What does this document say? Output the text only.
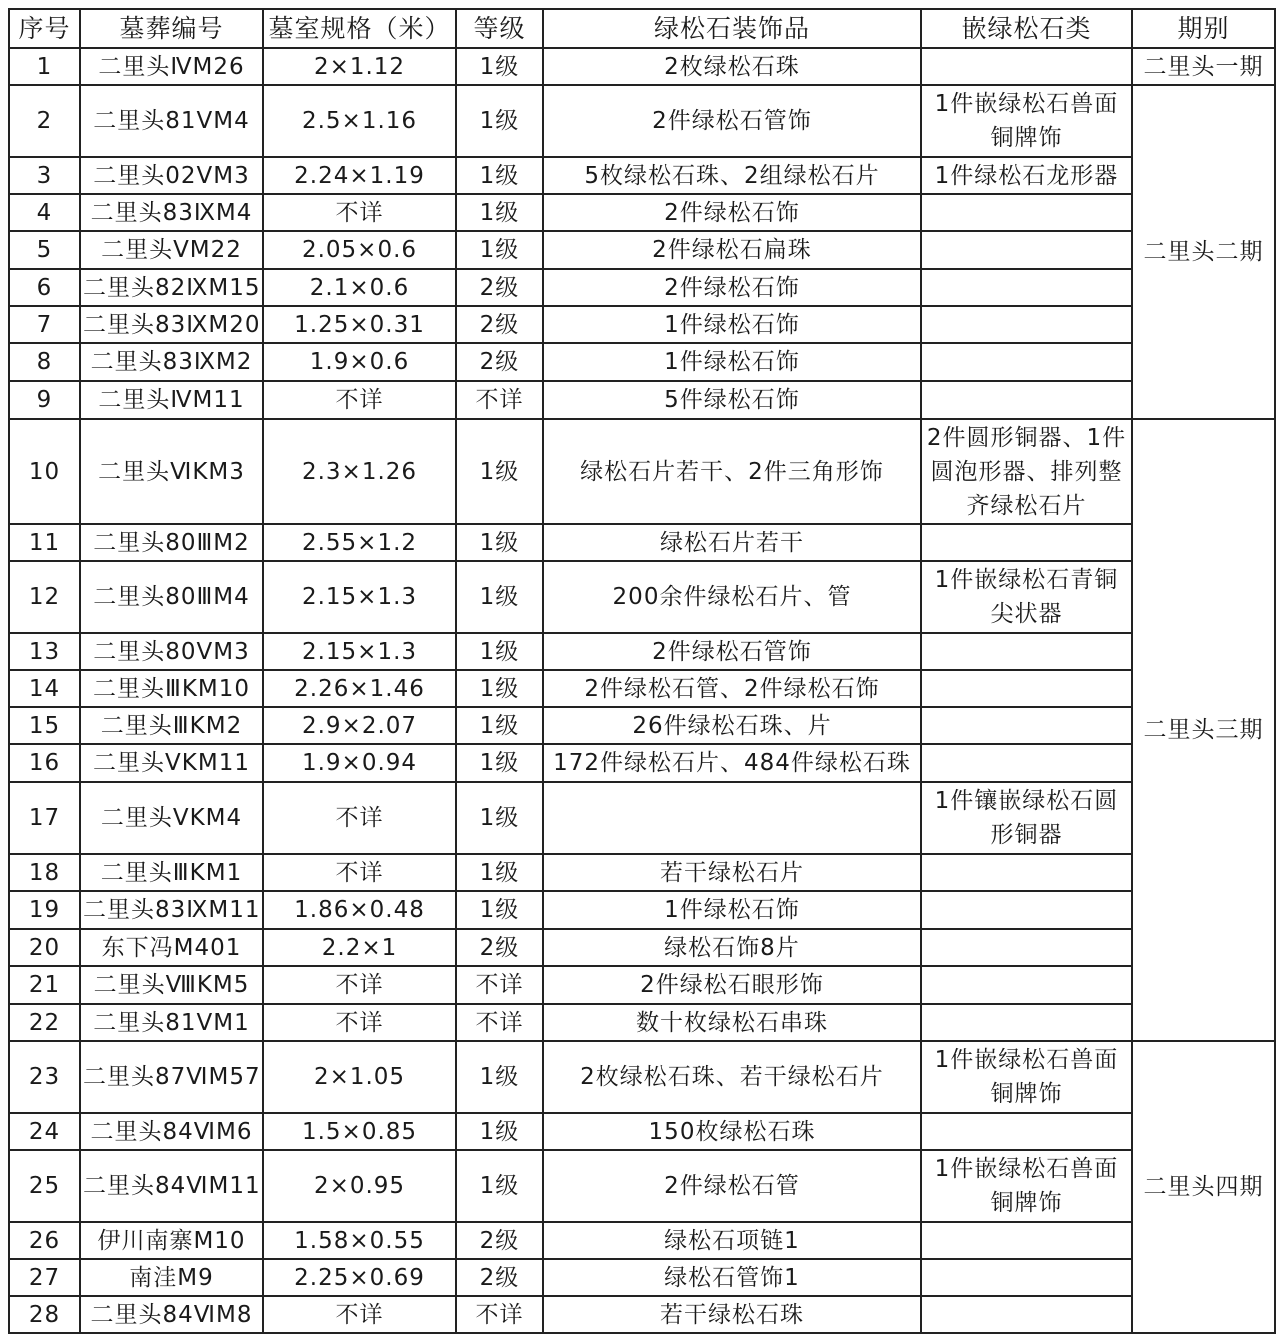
序号	墓葬编号	墓室规格（米）	等级	绿松石装饰品	嵌绿松石类	期别
1	二里头ⅣM26	2×1.12	1级	2枚绿松石珠		二里头一期
2	二里头81ⅤM4	2.5×1.16	1级	2件绿松石管饰	1件嵌绿松石兽面铜牌饰	二里头二期
3	二里头02ⅤM3	2.24×1.19	1级	5枚绿松石珠、2组绿松石片	1件绿松石龙形器	
4	二里头83ⅨM4	不详	1级	2件绿松石饰		
5	二里头ⅤM22	2.05×0.6	1级	2件绿松石扁珠		
6	二里头82ⅨM15	2.1×0.6	2级	2件绿松石饰		
7	二里头83ⅨM20	1.25×0.31	2级	1件绿松石饰		
8	二里头83ⅨM2	1.9×0.6	2级	1件绿松石饰		
9	二里头ⅣM11	不详	不详	5件绿松石饰		
10	二里头ⅥKM3	2.3×1.26	1级	绿松石片若干、2件三角形饰	2件圆形铜器、1件圆泡形器、排列整齐绿松石片	二里头三期
11	二里头80ⅢM2	2.55×1.2	1级	绿松石片若干		
12	二里头80ⅢM4	2.15×1.3	1级	200余件绿松石片、管	1件嵌绿松石青铜尖状器	
13	二里头80ⅤM3	2.15×1.3	1级	2件绿松石管饰		
14	二里头ⅢKM10	2.26×1.46	1级	2件绿松石管、2件绿松石饰		
15	二里头ⅢKM2	2.9×2.07	1级	26件绿松石珠、片		
16	二里头ⅤKM11	1.9×0.94	1级	172件绿松石片、484件绿松石珠		
17	二里头ⅤKM4	不详	1级		1件镶嵌绿松石圆形铜器	
18	二里头ⅢKM1	不详	1级	若干绿松石片		
19	二里头83ⅨM11	1.86×0.48	1级	1件绿松石饰		
20	东下冯M401	2.2×1	2级	绿松石饰8片		
21	二里头ⅧKM5	不详	不详	2件绿松石眼形饰		
22	二里头81ⅤM1	不详	不详	数十枚绿松石串珠		
23	二里头87ⅥM57	2×1.05	1级	2枚绿松石珠、若干绿松石片	1件嵌绿松石兽面铜牌饰	二里头四期
24	二里头84ⅥM6	1.5×0.85	1级	150枚绿松石珠		
25	二里头84ⅥM11	2×0.95	1级	2件绿松石管	1件嵌绿松石兽面铜牌饰	
26	伊川南寨M10	1.58×0.55	2级	绿松石项链1		
27	南洼M9	2.25×0.69	2级	绿松石管饰1		
28	二里头84ⅥM8	不详	不详	若干绿松石珠		
